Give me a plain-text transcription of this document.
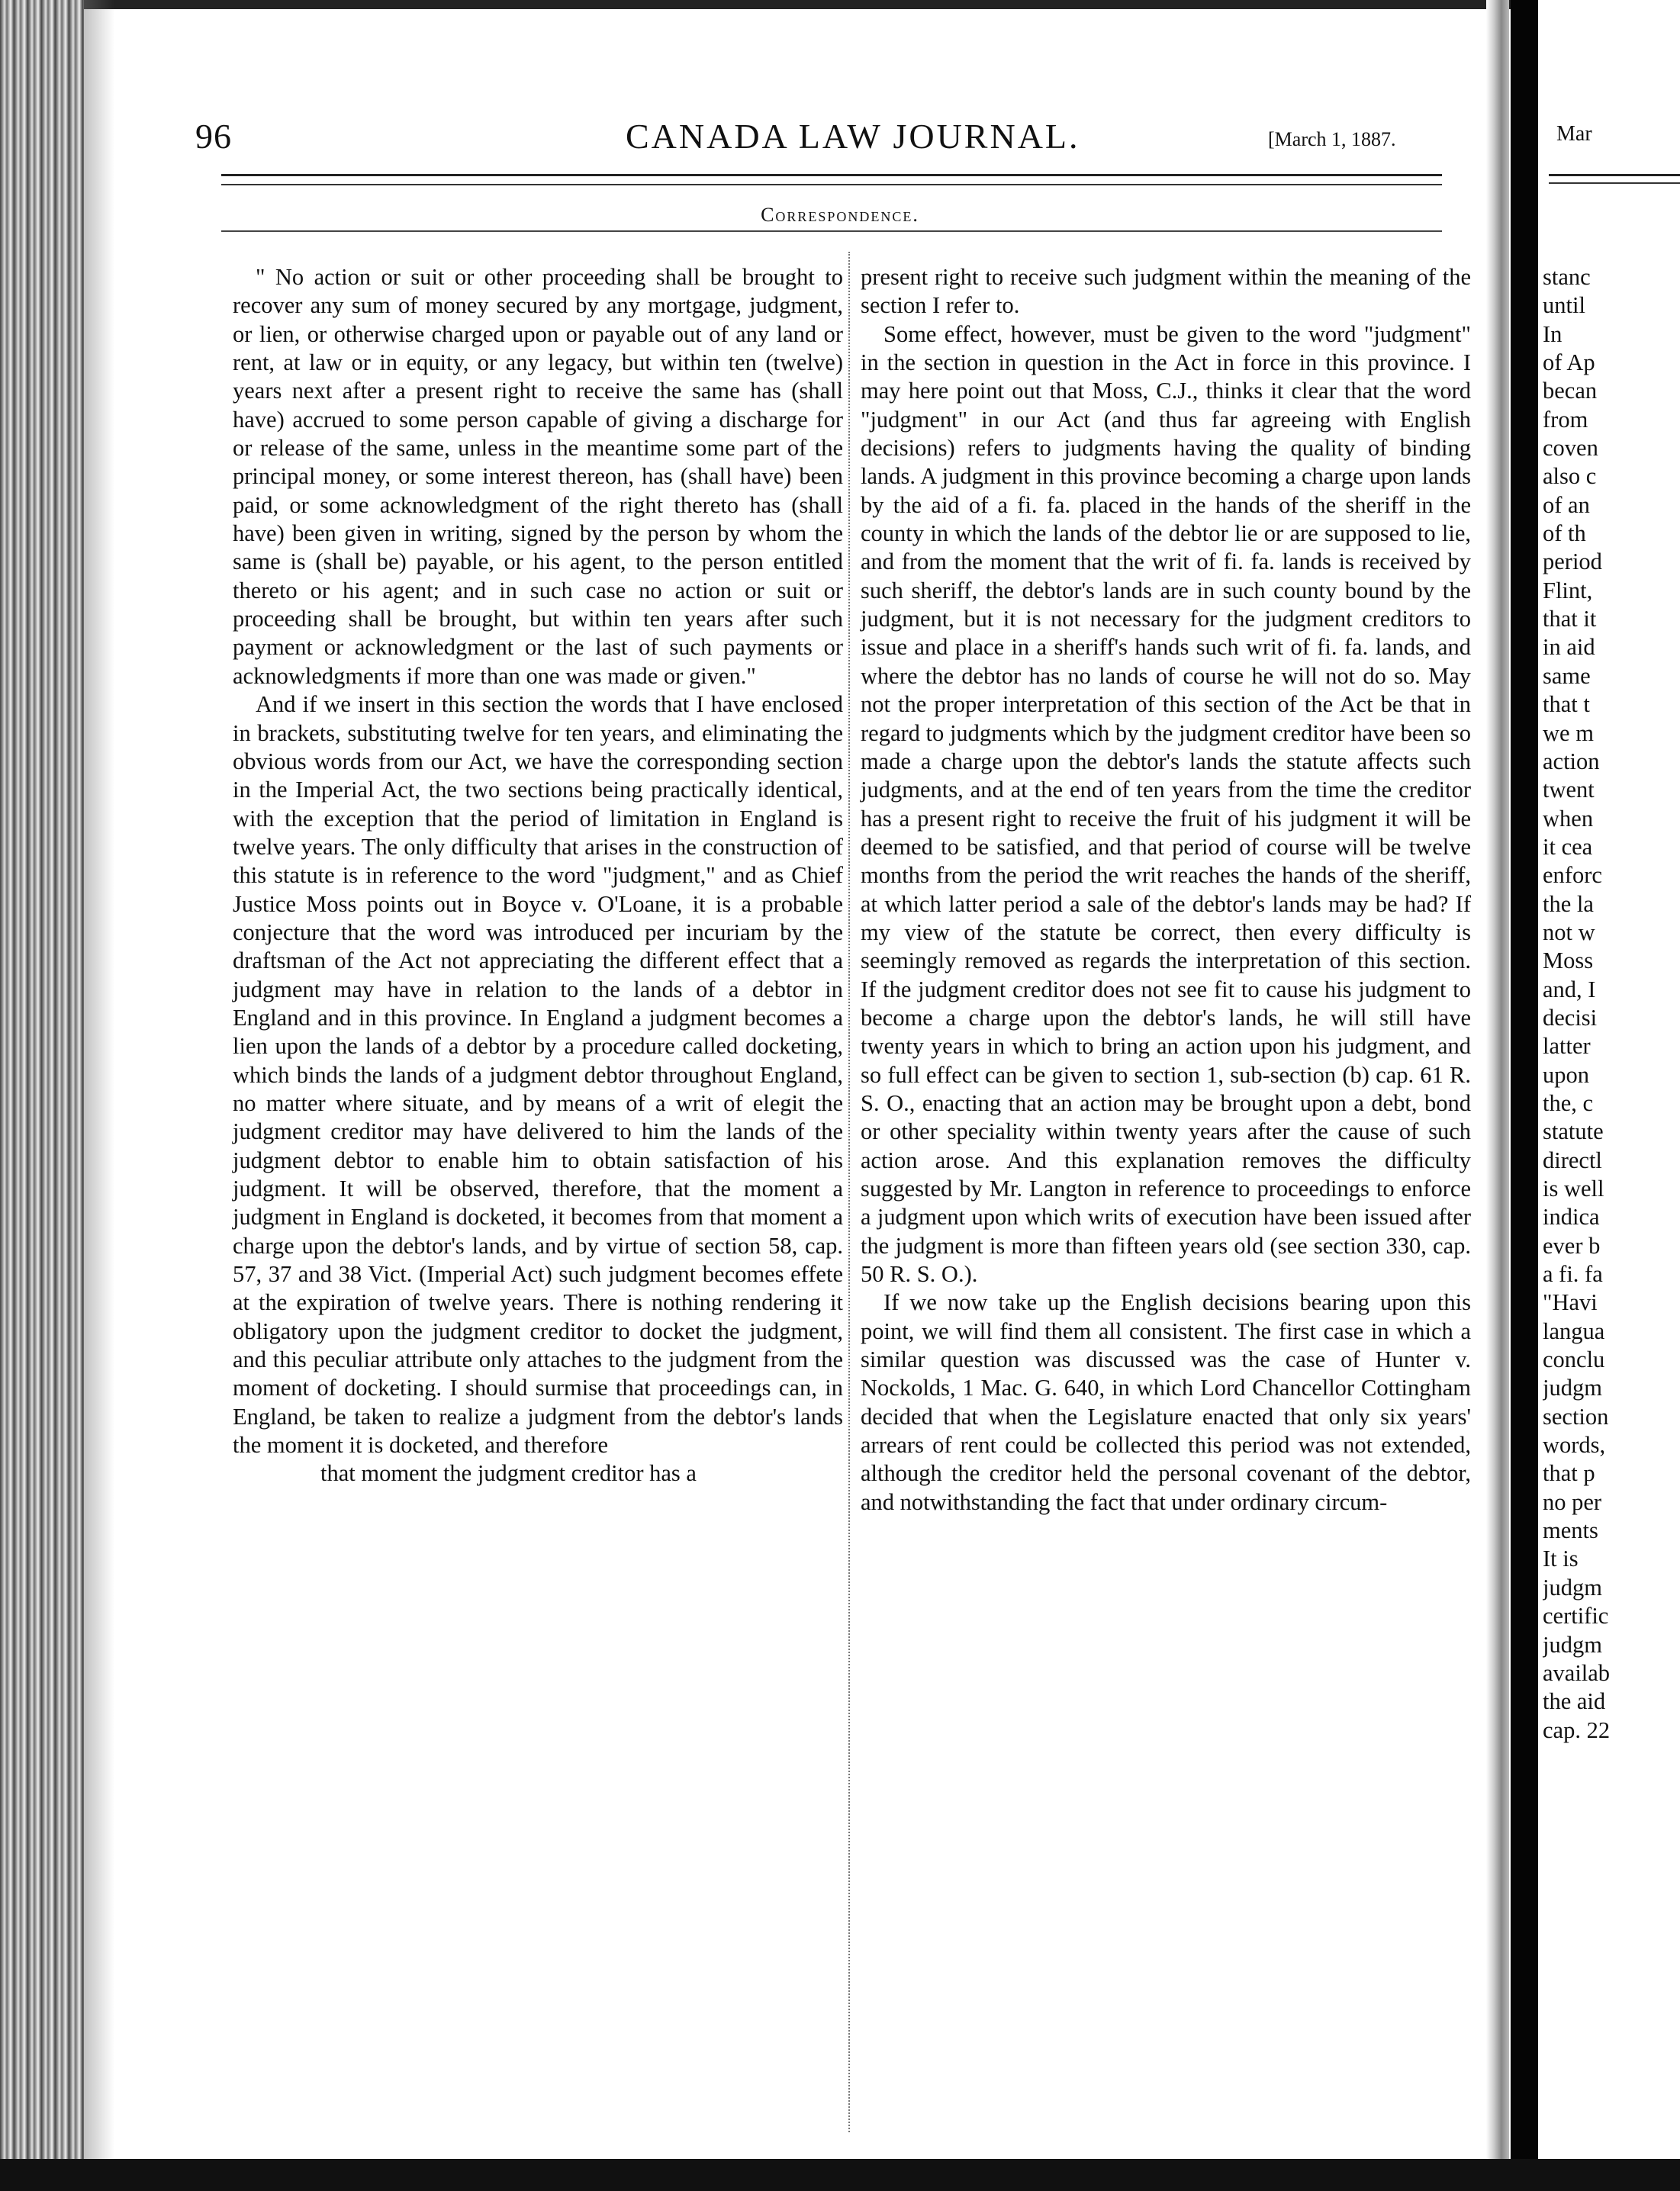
96	CANADA LAW JOURNAL.	[March 1, 1887.
Correspondence.

" No action or suit or other proceeding shall be brought to recover any sum of money secured by any mortgage, judgment, or lien, or otherwise charged upon or payable out of any land or rent, at law or in equity, or any legacy, but within ten (twelve) years next after a present right to receive the same has (shall have) accrued to some person capable of giving a discharge for or release of the same, unless in the meantime some part of the principal money, or some interest thereon, has (shall have) been paid, or some acknowledgment of the right thereto has (shall have) been given in writing, signed by the person by whom the same is (shall be) payable, or his agent, to the person entitled thereto or his agent; and in such case no action or suit or proceeding shall be brought, but within ten years after such payment or acknowledgment or the last of such payments or acknowledgments if more than one was made or given."

And if we insert in this section the words that I have enclosed in brackets, substituting twelve for ten years, and eliminating the obvious words from our Act, we have the corresponding section in the Imperial Act, the two sections being practically identical, with the exception that the period of limitation in England is twelve years. The only difficulty that arises in the construction of this statute is in reference to the word "judgment," and as Chief Justice Moss points out in Boyce v. O'Loane, it is a probable conjecture that the word was introduced per incuriam by the draftsman of the Act not appreciating the different effect that a judgment may have in relation to the lands of a debtor in England and in this province. In England a judgment becomes a lien upon the lands of a debtor by a procedure called docketing, which binds the lands of a judgment debtor throughout England, no matter where situate, and by means of a writ of elegit the judgment creditor may have delivered to him the lands of the judgment debtor to enable him to obtain satisfaction of his judgment. It will be observed, therefore, that the moment a judgment in England is docketed, it becomes from that moment a charge upon the debtor's lands, and by virtue of section 58, cap. 57, 37 and 38 Vict. (Imperial Act) such judgment becomes effete at the expiration of twelve years. There is nothing rendering it obligatory upon the judgment creditor to docket the judgment, and this peculiar attribute only attaches to the judgment from the moment of docketing. I should surmise that proceedings can, in England, be taken to realize a judgment from the debtor's lands the moment it is docketed, and therefore

that moment the judgment creditor has a

present right to receive such judgment within the meaning of the section I refer to.

Some effect, however, must be given to the word "judgment" in the section in question in the Act in force in this province. I may here point out that Moss, C.J., thinks it clear that the word "judgment" in our Act (and thus far agreeing with English decisions) refers to judgments having the quality of binding lands. A judgment in this province becoming a charge upon lands by the aid of a fi. fa. placed in the hands of the sheriff in the county in which the lands of the debtor lie or are supposed to lie, and from the moment that the writ of fi. fa. lands is received by such sheriff, the debtor's lands are in such county bound by the judgment, but it is not necessary for the judgment creditors to issue and place in a sheriff's hands such writ of fi. fa. lands, and where the debtor has no lands of course he will not do so. May not the proper interpretation of this section of the Act be that in regard to judgments which by the judgment creditor have been so made a charge upon the debtor's lands the statute affects such judgments, and at the end of ten years from the time the creditor has a present right to receive the fruit of his judgment it will be deemed to be satisfied, and that period of course will be twelve months from the period the writ reaches the hands of the sheriff, at which latter period a sale of the debtor's lands may be had? If my view of the statute be correct, then every difficulty is seemingly removed as regards the interpretation of this section. If the judgment creditor does not see fit to cause his judgment to become a charge upon the debtor's lands, he will still have twenty years in which to bring an action upon his judgment, and so full effect can be given to section 1, sub-section (b) cap. 61 R. S. O., enacting that an action may be brought upon a debt, bond or other speciality within twenty years after the cause of such action arose. And this explanation removes the difficulty suggested by Mr. Langton in reference to proceedings to enforce a judgment upon which writs of execution have been issued after the judgment is more than fifteen years old (see section 330, cap. 50 R. S. O.).

If we now take up the English decisions bearing upon this point, we will find them all consistent. The first case in which a similar question was discussed was the case of Hunter v. Nockolds, 1 Mac. G. 640, in which Lord Chancellor Cottingham decided that when the Legislature enacted that only six years' arrears of rent could be collected this period was not extended, although the creditor held the personal covenant of the debtor, and notwithstanding the fact that under ordinary circum-

Mar
stanc
until
In
of Ap
becan
from
coven
also c
of an
of th
period
Flint,
that it
in aid
same
that t
we m
action
twent
when
it cea
enforc
the la
not w
Moss
and, I
decisi
latter
upon
the, c
statute
directl
is well
indica
ever b
a fi. fa
"Havi
langua
conclu
judgm
section
words,
that p
no per
ments
It is
judgm
certific
judgm
availab
the aid
cap. 22
